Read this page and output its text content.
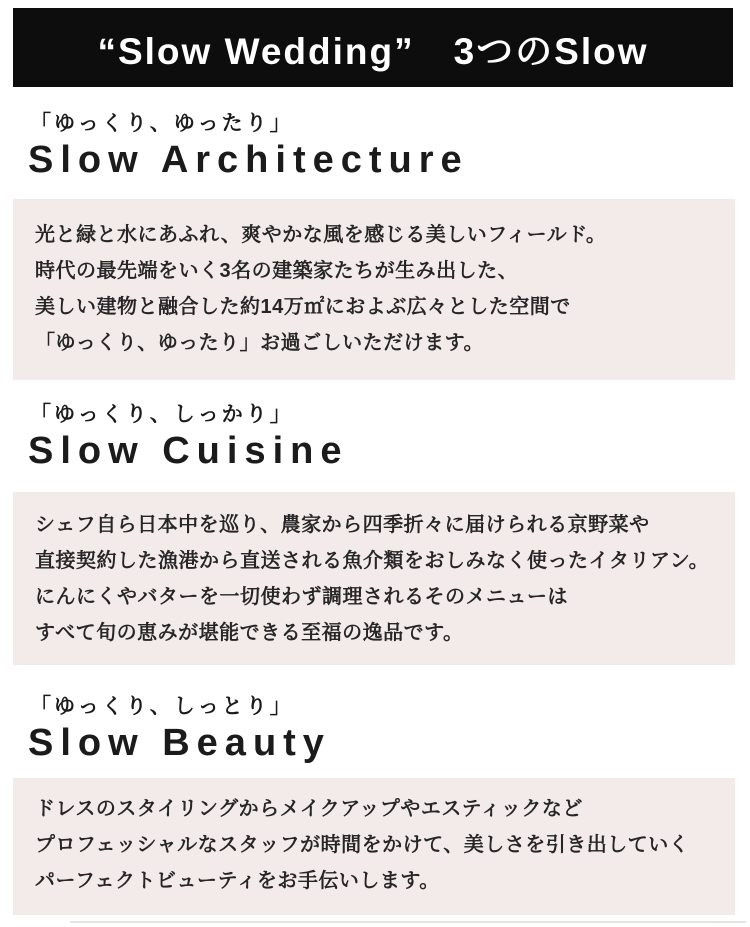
“Slow Wedding”　3つのSlow
「ゆっくり、ゆったり」
Slow Architecture
光と緑と水にあふれ、爽やかな風を感じる美しいフィールド。
時代の最先端をいく3名の建築家たちが生み出した、
美しい建物と融合した約14万㎡におよぶ広々とした空間で
「ゆっくり、ゆったり」お過ごしいただけます。
「ゆっくり、しっかり」
Slow Cuisine
シェフ自ら日本中を巡り、農家から四季折々に届けられる京野菜や
直接契約した漁港から直送される魚介類をおしみなく使ったイタリアン。
にんにくやバターを一切使わず調理されるそのメニューは
すべて旬の恵みが堪能できる至福の逸品です。
「ゆっくり、しっとり」
Slow Beauty
ドレスのスタイリングからメイクアップやエスティックなど
プロフェッシャルなスタッフが時間をかけて、美しさを引き出していく
パーフェクトビューティをお手伝いします。
